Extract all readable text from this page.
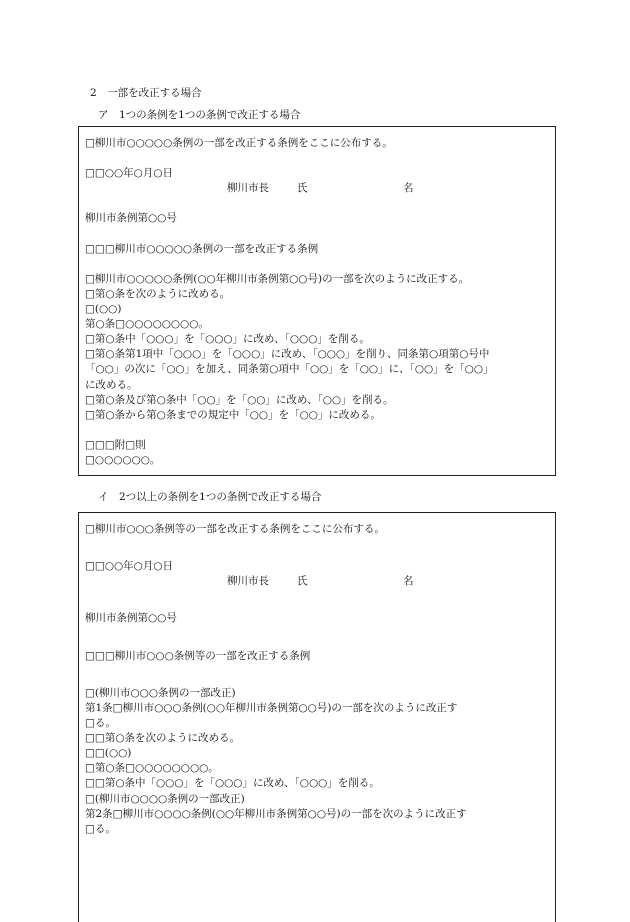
2　一部を改正する場合
ア　1つの条例を1つの条例で改正する場合
□柳川市○○○○○条例の一部を改正する条例をここに公布する。
□□○○年○月○日
柳川市長	氏	名
柳川市条例第○○号
□□□柳川市○○○○○条例の一部を改正する条例
□柳川市○○○○○条例(○○年柳川市条例第○○号)の一部を次のように改正する。
□第○条を次のように改める。
□(○○)
第○条□○○○○○○○○。
□第○条中「○○○」を「○○○」に改め、「○○○」を削る。
□第○条第1項中「○○○」を「○○○」に改め、「○○○」を削り、同条第○項第○号中
「○○」の次に「○○」を加え、同条第○項中「○○」を「○○」に、「○○」を「○○」
に改める。
□第○条及び第○条中「○○」を「○○」に改め、「○○」を削る。
□第○条から第○条までの規定中「○○」を「○○」に改める。
□□□附□則
□○○○○○○。
イ　2つ以上の条例を1つの条例で改正する場合
□柳川市○○○条例等の一部を改正する条例をここに公布する。
□□○○年○月○日
柳川市長	氏	名
柳川市条例第○○号
□□□柳川市○○○条例等の一部を改正する条例
□(柳川市○○○条例の一部改正)
第1条□柳川市○○○条例(○○年柳川市条例第○○号)の一部を次のように改正す
□る。
□□第○条を次のように改める。
□□(○○)
□第○条□○○○○○○○○。
□□第○条中「○○○」を「○○○」に改め、「○○○」を削る。
□(柳川市○○○○条例の一部改正)
第2条□柳川市○○○○条例(○○年柳川市条例第○○号)の一部を次のように改正す
□る。
